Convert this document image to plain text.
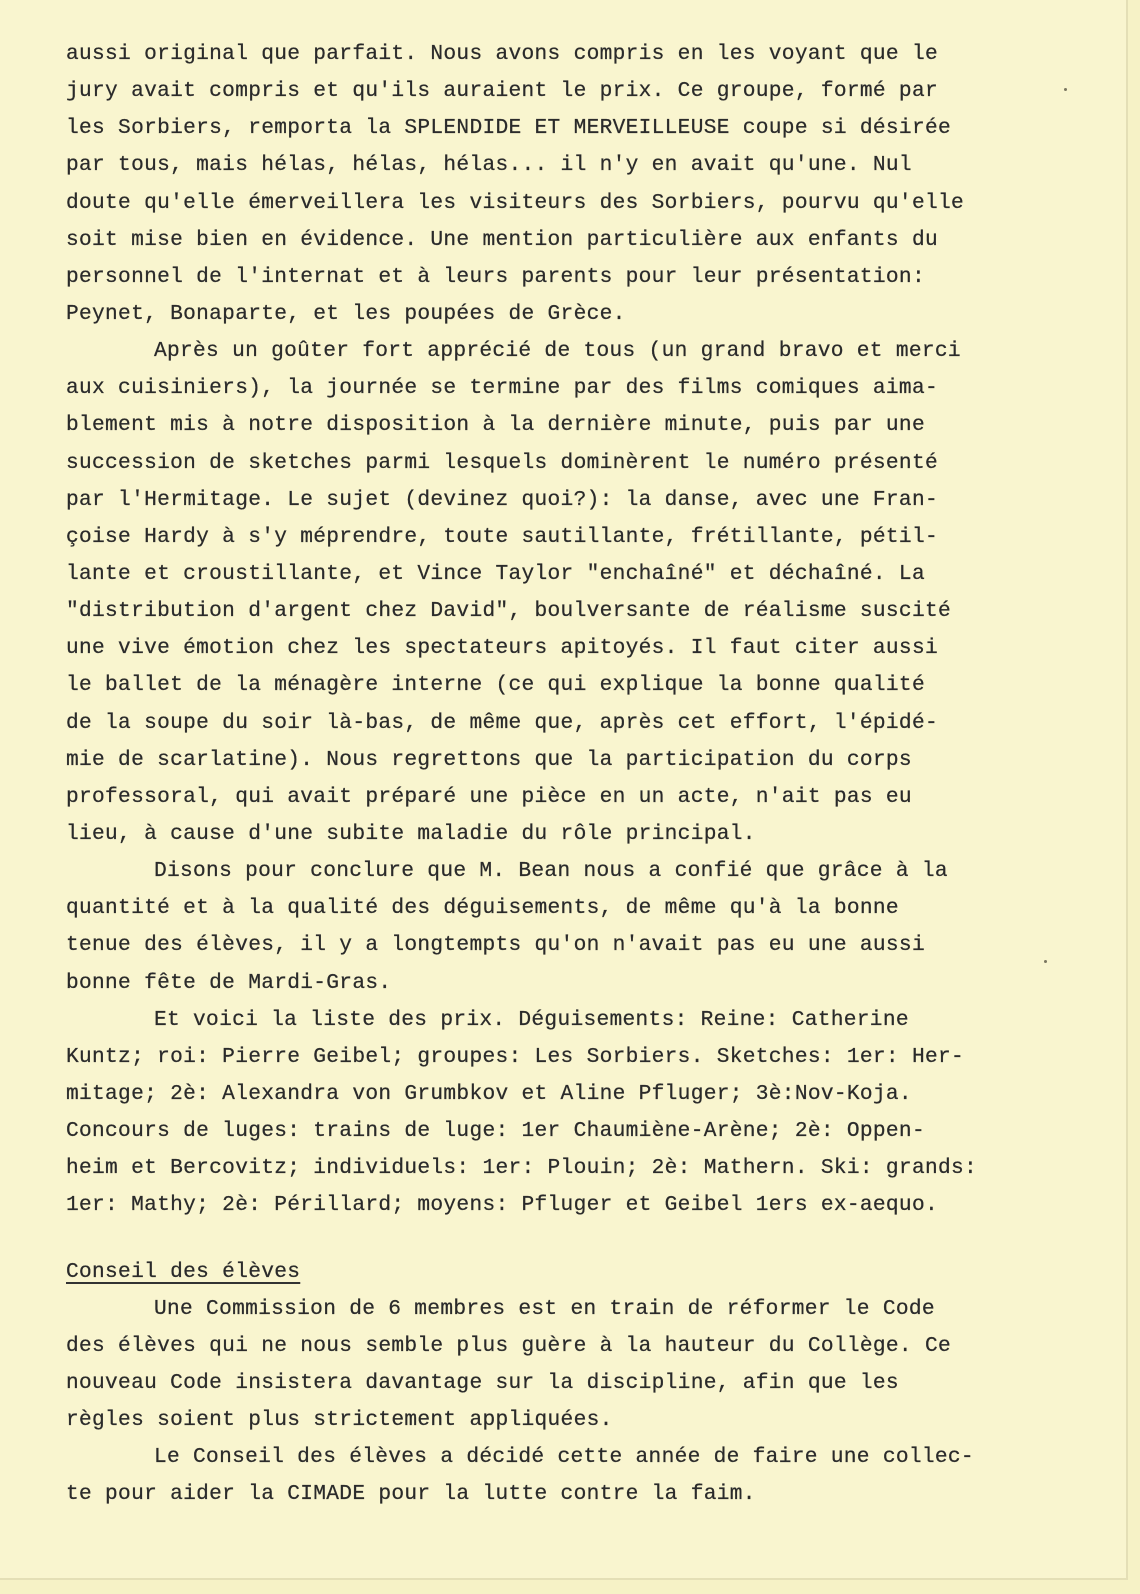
aussi original que parfait. Nous avons compris en les voyant que le
jury avait compris et qu'ils auraient le prix. Ce groupe, formé par
les Sorbiers, remporta la SPLENDIDE ET MERVEILLEUSE coupe si désirée
par tous, mais hélas, hélas, hélas... il n'y en avait qu'une. Nul
doute qu'elle émerveillera les visiteurs des Sorbiers, pourvu qu'elle
soit mise bien en évidence. Une mention particulière aux enfants du
personnel de l'internat et à leurs parents pour leur présentation:
Peynet, Bonaparte, et les poupées de Grèce.
Après un goûter fort apprécié de tous (un grand bravo et merci
aux cuisiniers), la journée se termine par des films comiques aima-
blement mis à notre disposition à la dernière minute, puis par une
succession de sketches parmi lesquels dominèrent le numéro présenté
par l'Hermitage. Le sujet (devinez quoi?): la danse, avec une Fran-
çoise Hardy à s'y méprendre, toute sautillante, frétillante, pétil-
lante et croustillante, et Vince Taylor "enchaîné" et déchaîné. La
"distribution d'argent chez David", boulversante de réalisme suscité
une vive émotion chez les spectateurs apitoyés. Il faut citer aussi
le ballet de la ménagère interne (ce qui explique la bonne qualité
de la soupe du soir là-bas, de même que, après cet effort, l'épidé-
mie de scarlatine). Nous regrettons que la participation du corps
professoral, qui avait préparé une pièce en un acte, n'ait pas eu
lieu, à cause d'une subite maladie du rôle principal.
Disons pour conclure que M. Bean nous a confié que grâce à la
quantité et à la qualité des déguisements, de même qu'à la bonne
tenue des élèves, il y a longtempts qu'on n'avait pas eu une aussi
bonne fête de Mardi-Gras.
Et voici la liste des prix. Déguisements: Reine: Catherine
Kuntz; roi: Pierre Geibel; groupes: Les Sorbiers. Sketches: 1er: Her-
mitage; 2è: Alexandra von Grumbkov et Aline Pfluger; 3è:Nov-Koja.
Concours de luges: trains de luge: 1er Chaumiène-Arène; 2è: Oppen-
heim et Bercovitz; individuels: 1er: Plouin; 2è: Mathern. Ski: grands:
1er: Mathy; 2è: Périllard; moyens: Pfluger et Geibel 1ers ex-aequo.
Conseil des élèves
Une Commission de 6 membres est en train de réformer le Code
des élèves qui ne nous semble plus guère à la hauteur du Collège. Ce
nouveau Code insistera davantage sur la discipline, afin que les
règles soient plus strictement appliquées.
Le Conseil des élèves a décidé cette année de faire une collec-
te pour aider la CIMADE pour la lutte contre la faim.
